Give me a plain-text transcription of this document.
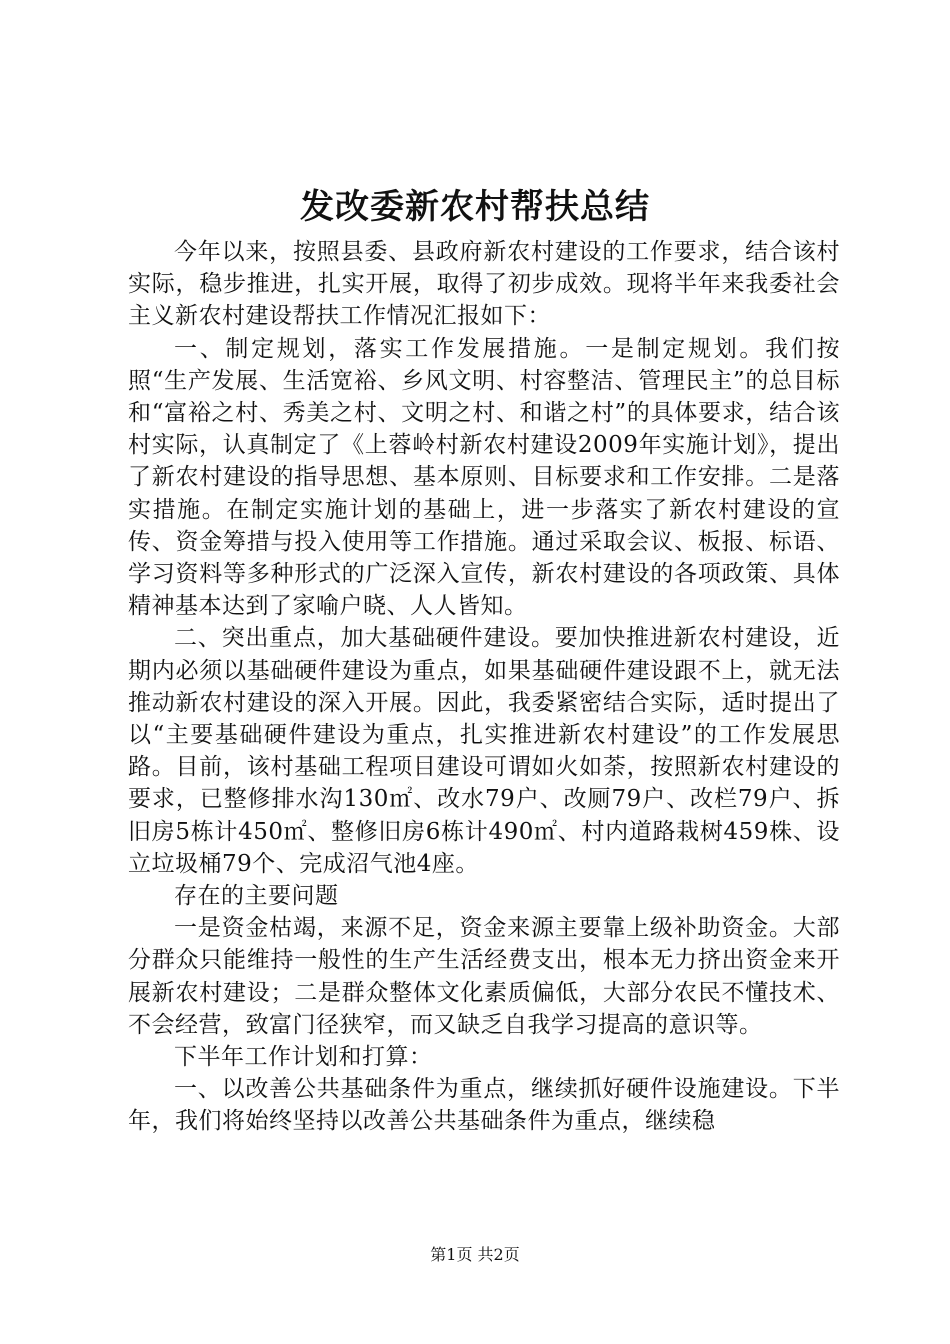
发改委新农村帮扶总结

今年以来，按照县委、县政府新农村建设的工作要求，结合该村实际，稳步推进，扎实开展，取得了初步成效。现将半年来我委社会主义新农村建设帮扶工作情况汇报如下：

一、制定规划，落实工作发展措施。一是制定规划。我们按照“生产发展、生活宽裕、乡风文明、村容整洁、管理民主”的总目标和“富裕之村、秀美之村、文明之村、和谐之村”的具体要求，结合该村实际，认真制定了《上蓉岭村新农村建设2009年实施计划》，提出了新农村建设的指导思想、基本原则、目标要求和工作安排。二是落实措施。在制定实施计划的基础上，进一步落实了新农村建设的宣传、资金筹措与投入使用等工作措施。通过采取会议、板报、标语、学习资料等多种形式的广泛深入宣传，新农村建设的各项政策、具体精神基本达到了家喻户晓、人人皆知。

二、突出重点，加大基础硬件建设。要加快推进新农村建设，近期内必须以基础硬件建设为重点，如果基础硬件建设跟不上，就无法推动新农村建设的深入开展。因此，我委紧密结合实际，适时提出了以“主要基础硬件建设为重点，扎实推进新农村建设”的工作发展思路。目前，该村基础工程项目建设可谓如火如荼，按照新农村建设的要求，已整修排水沟130㎡、改水79户、改厕79户、改栏79户、拆旧房5栋计450㎡、整修旧房6栋计490㎡、村内道路栽树459株、设立垃圾桶79个、完成沼气池4座。

存在的主要问题

一是资金枯竭，来源不足，资金来源主要靠上级补助资金。大部分群众只能维持一般性的生产生活经费支出，根本无力挤出资金来开展新农村建设；二是群众整体文化素质偏低，大部分农民不懂技术、不会经营，致富门径狭窄，而又缺乏自我学习提高的意识等。

下半年工作计划和打算：

一、以改善公共基础条件为重点，继续抓好硬件设施建设。下半年，我们将始终坚持以改善公共基础条件为重点，继续稳

第1页 共2页
